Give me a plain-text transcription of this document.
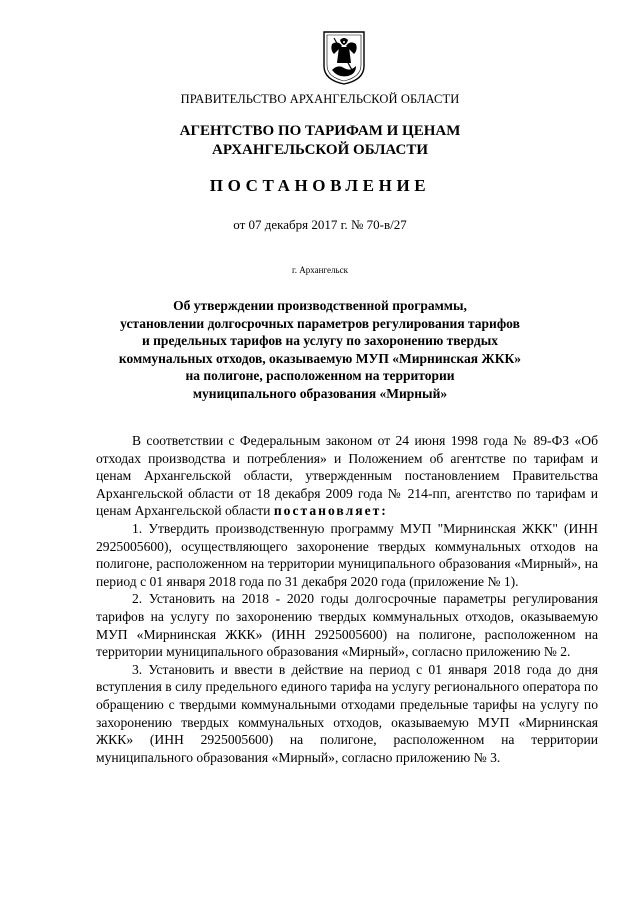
ПРАВИТЕЛЬСТВО АРХАНГЕЛЬСКОЙ ОБЛАСТИ
АГЕНТСТВО ПО ТАРИФАМ И ЦЕНАМ
АРХАНГЕЛЬСКОЙ ОБЛАСТИ
ПОСТАНОВЛЕНИЕ
от 07 декабря 2017 г. № 70-в/27
г. Архангельск
Об утверждении производственной программы,
установлении долгосрочных параметров регулирования тарифов
и предельных тарифов на услугу по захоронению твердых
коммунальных отходов, оказываемую МУП «Мирнинская ЖКК»
на полигоне, расположенном на территории
муниципального образования «Мирный»

В соответствии с Федеральным законом от 24 июня 1998 года № 89-ФЗ «Об отходах производства и потребления» и Положением об агентстве по тарифам и ценам Архангельской области, утвержденным постановлением Правительства Архангельской области от 18 декабря 2009 года № 214-пп, агентство по тарифам и ценам Архангельской области постановляет:

1. Утвердить производственную программу МУП "Мирнинская ЖКК" (ИНН 2925005600), осуществляющего захоронение твердых коммунальных отходов на полигоне, расположенном на территории муниципального образования «Мирный», на период с 01 января 2018 года по 31 декабря 2020 года (приложение № 1).

2. Установить на 2018 - 2020 годы долгосрочные параметры регулирования тарифов на услугу по захоронению твердых коммунальных отходов, оказываемую МУП «Мирнинская ЖКК» (ИНН 2925005600) на полигоне, расположенном на территории муниципального образования «Мирный», согласно приложению № 2.

3. Установить и ввести в действие на период с 01 января 2018 года до дня вступления в силу предельного единого тарифа на услугу регионального оператора по обращению с твердыми коммунальными отходами предельные тарифы на услугу по захоронению твердых коммунальных отходов, оказываемую МУП «Мирнинская ЖКК» (ИНН 2925005600) на полигоне, расположенном на территории муниципального образования «Мирный», согласно приложению № 3.
